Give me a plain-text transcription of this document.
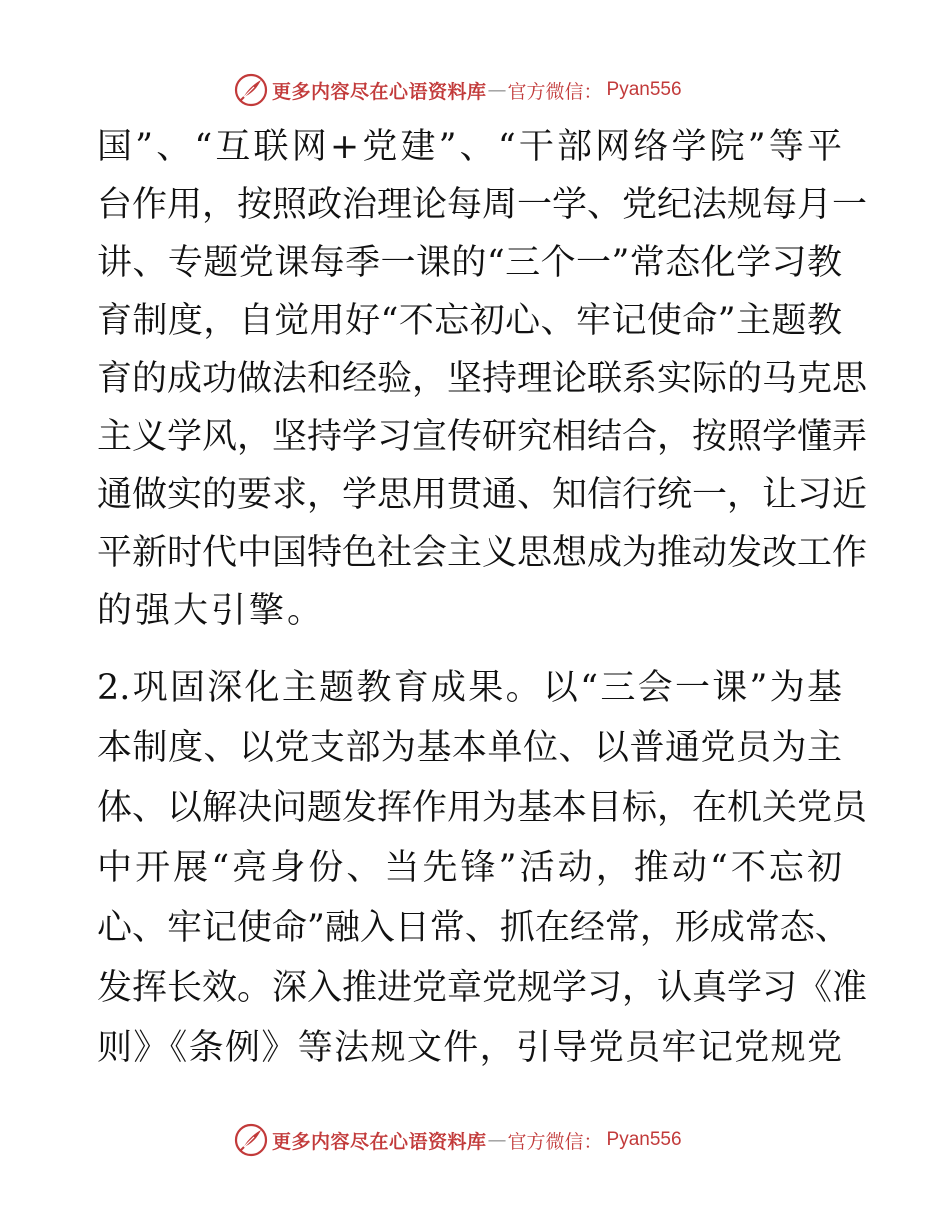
更多内容尽在心语资料库 — 官方微信 ： Pyan556
国”、“互联网+党建”、“干部网络学院”等平
台作用，按照政治理论每周一学、党纪法规每月一
讲、专题党课每季一课的“三个一”常态化学习教
育制度，自觉用好“不忘初心、牢记使命”主题教
育的成功做法和经验，坚持理论联系实际的马克思
主义学风，坚持学习宣传研究相结合，按照学懂弄
通做实的要求，学思用贯通、知信行统一，让习近
平新时代中国特色社会主义思想成为推动发改工作
的强大引擎。
2.巩固深化主题教育成果。以“三会一课”为基
本制度、以党支部为基本单位、以普通党员为主
体、以解决问题发挥作用为基本目标，在机关党员
中开展“亮身份、当先锋”活动，推动“不忘初
心、牢记使命”融入日常、抓在经常，形成常态、
发挥长效。深入推进党章党规学习，认真学习《准
则》《条例》等法规文件，引导党员牢记党规党
更多内容尽在心语资料库 — 官方微信 ： Pyan556
